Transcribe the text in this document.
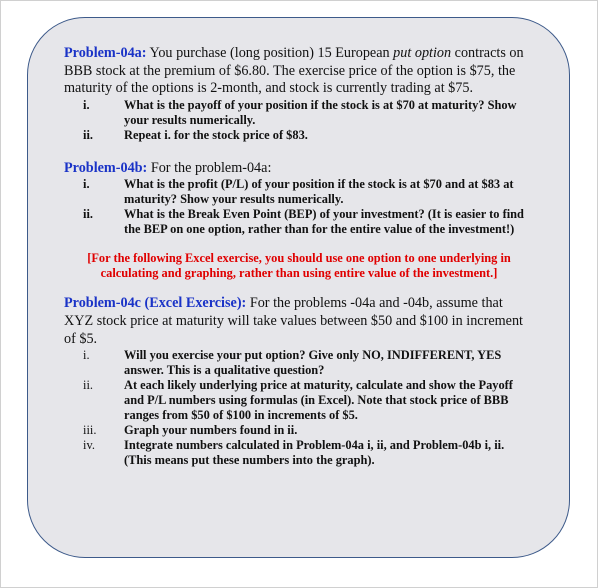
Problem-04a: You purchase (long position) 15 European put option contracts on BBB stock at the premium of $6.80. The exercise price of the option is $75, the maturity of the options is 2-month, and stock is currently trading at $75.

i.	What is the payoff of your position if the stock is at $70 at maturity? Show your results numerically.
ii.	Repeat i. for the stock price of $83.

Problem-04b: For the problem-04a:

i.	What is the profit (P/L) of your position if the stock is at $70 and at $83 at maturity? Show your results numerically.
ii.	What is the Break Even Point (BEP) of your investment? (It is easier to find the BEP on one option, rather than for the entire value of the investment!)

[For the following Excel exercise, you should use one option to one underlying in calculating and graphing, rather than using entire value of the investment.]

Problem-04c (Excel Exercise): For the problems -04a and -04b, assume that XYZ stock price at maturity will take values between $50 and $100 in increment of $5.

i.	Will you exercise your put option? Give only NO, INDIFFERENT, YES answer. This is a qualitative question?
ii.	At each likely underlying price at maturity, calculate and show the Payoff and P/L numbers using formulas (in Excel). Note that stock price of BBB ranges from $50 of $100 in increments of $5.
iii.	Graph your numbers found in ii.
iv.	Integrate numbers calculated in Problem-04a i, ii, and Problem-04b i, ii. (This means put these numbers into the graph).
